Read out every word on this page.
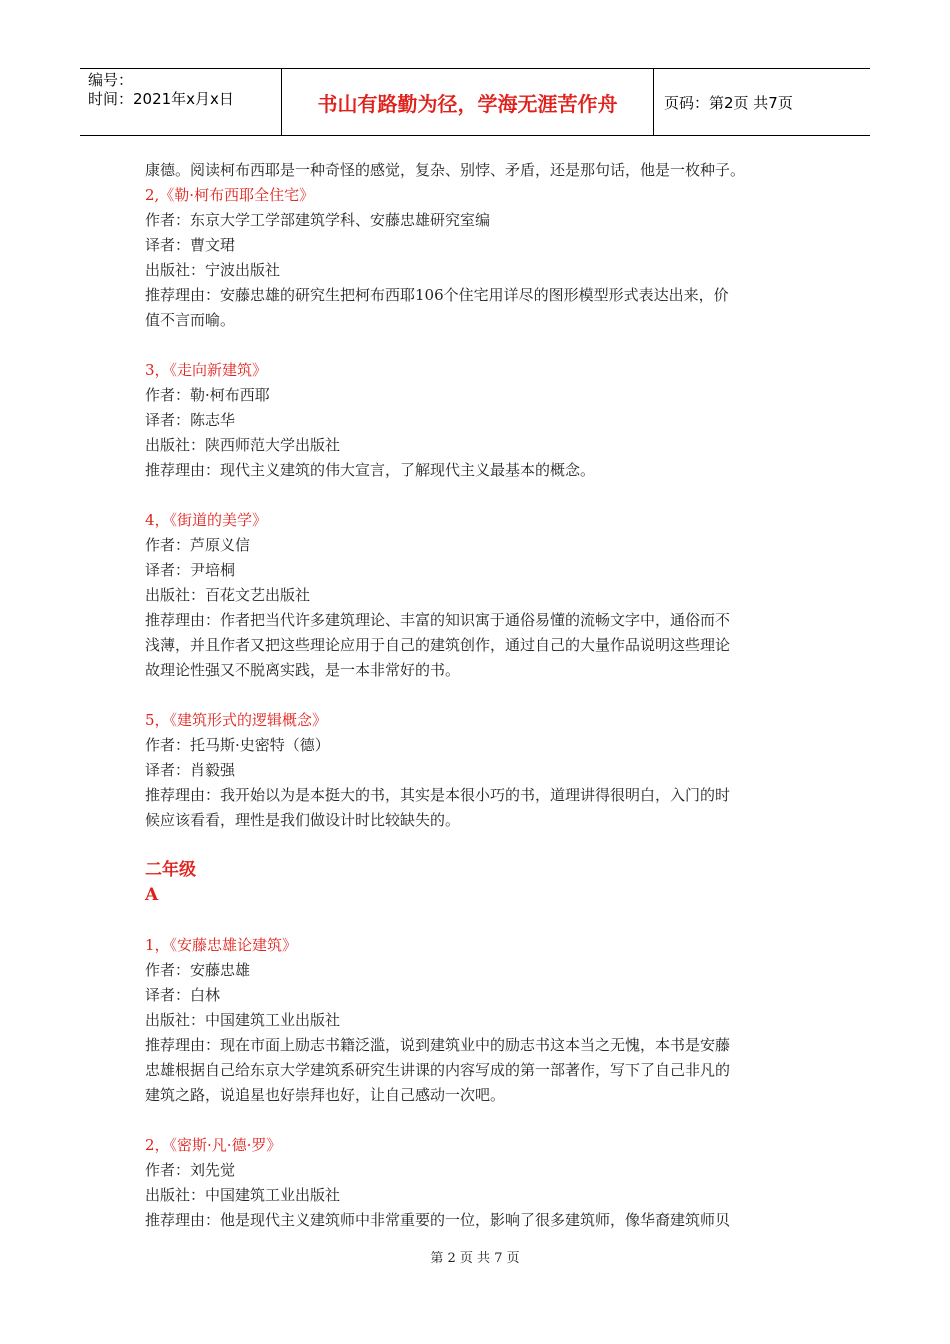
编号：
时间：2021年x月x日	书山有路勤为径，学海无涯苦作舟	页码：第2页 共7页
康德。阅读柯布西耶是一种奇怪的感觉，复杂、别悖、矛盾，还是那句话，他是一枚种子。
2,《勒·柯布西耶全住宅》
作者：东京大学工学部建筑学科、安藤忠雄研究室编
译者：曹文珺
出版社：宁波出版社
推荐理由：安藤忠雄的研究生把柯布西耶106个住宅用详尽的图形模型形式表达出来，价
值不言而喻。
3，《走向新建筑》
作者：勒·柯布西耶
译者：陈志华
出版社：陕西师范大学出版社
推荐理由：现代主义建筑的伟大宣言，了解现代主义最基本的概念。
4，《街道的美学》
作者：芦原义信
译者：尹培桐
出版社：百花文艺出版社
推荐理由：作者把当代许多建筑理论、丰富的知识寓于通俗易懂的流畅文字中，通俗而不
浅薄，并且作者又把这些理论应用于自己的建筑创作，通过自己的大量作品说明这些理论
故理论性强又不脱离实践，是一本非常好的书。
5，《建筑形式的逻辑概念》
作者：托马斯·史密特（德）
译者：肖毅强
推荐理由：我开始以为是本挺大的书，其实是本很小巧的书，道理讲得很明白，入门的时
候应该看看，理性是我们做设计时比较缺失的。
二年级
A
1，《安藤忠雄论建筑》
作者：安藤忠雄
译者：白林
出版社：中国建筑工业出版社
推荐理由：现在市面上励志书籍泛滥，说到建筑业中的励志书这本当之无愧，本书是安藤
忠雄根据自己给东京大学建筑系研究生讲课的内容写成的第一部著作，写下了自己非凡的
建筑之路，说追星也好崇拜也好，让自己感动一次吧。
2，《密斯·凡·德·罗》
作者：刘先觉
出版社：中国建筑工业出版社
推荐理由：他是现代主义建筑师中非常重要的一位，影响了很多建筑师，像华裔建筑师贝
第 2 页 共 7 页
